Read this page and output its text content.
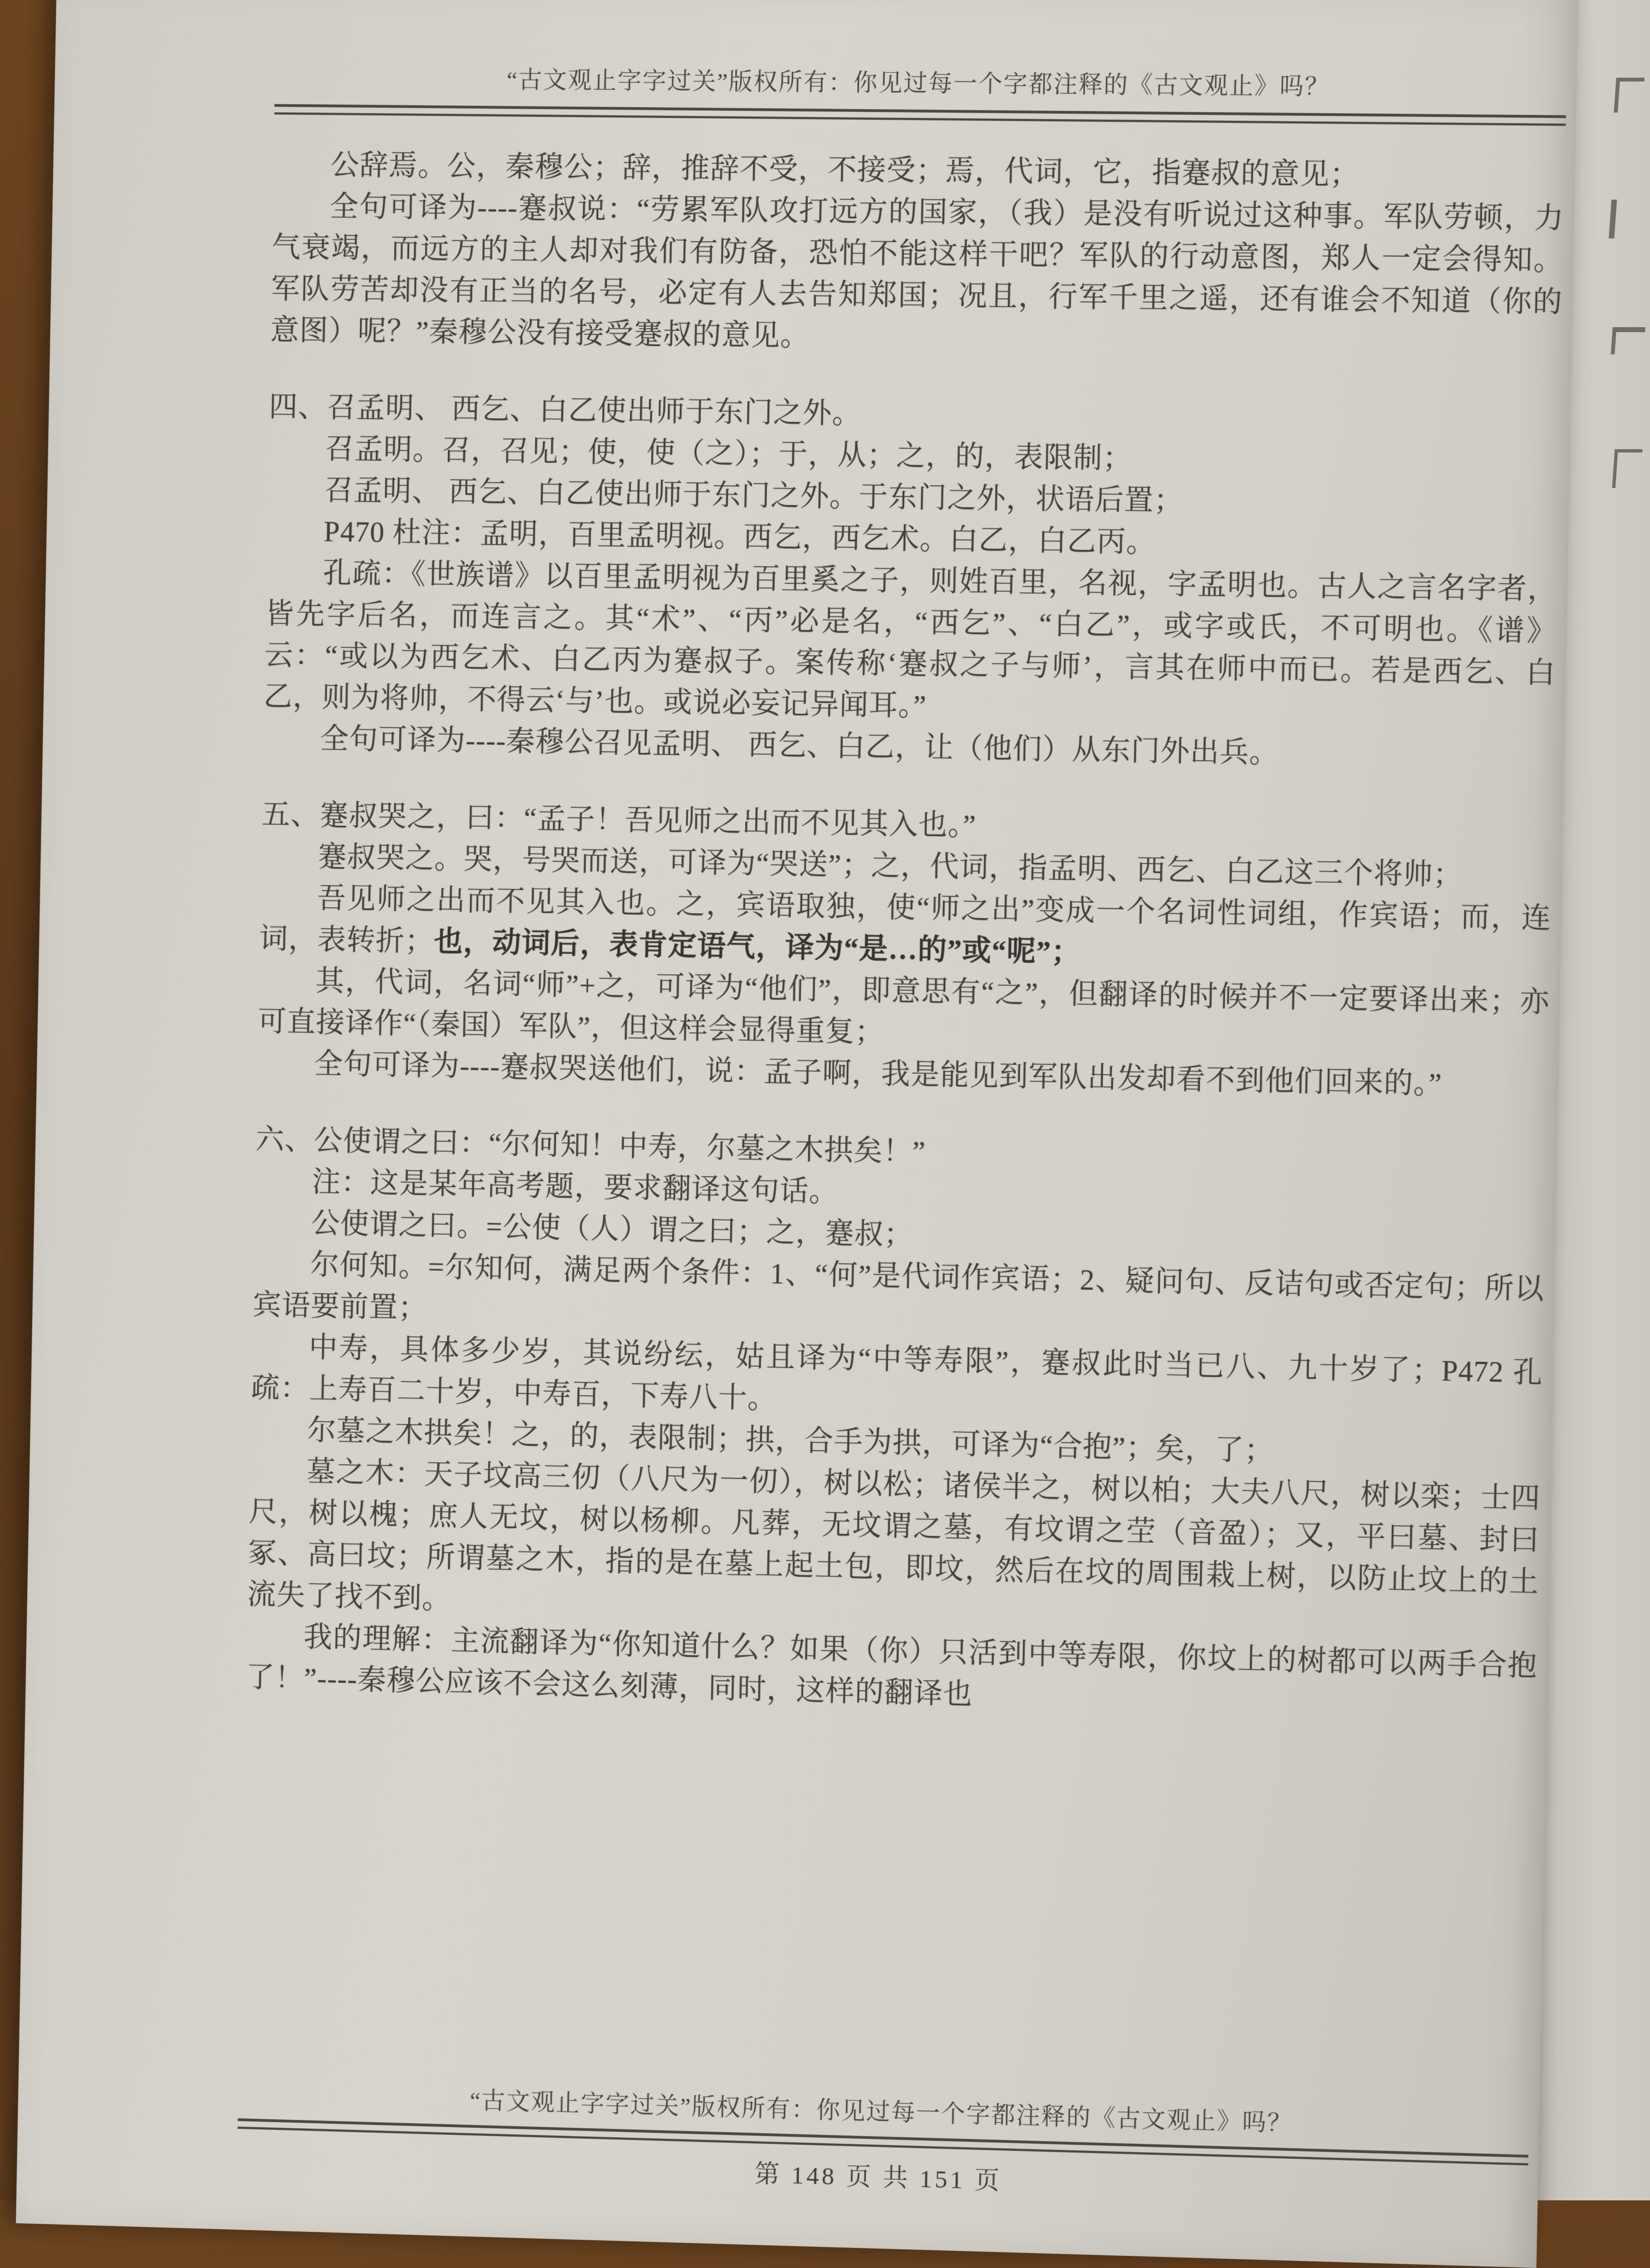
“古文观止字字过关”版权所有：你见过每一个字都注释的《古文观止》吗？
公辞焉。公，秦穆公；辞，推辞不受，不接受；焉，代词，它，指蹇叔的意见；
全句可译为----蹇叔说：“劳累军队攻打远方的国家，（我）是没有听说过这种事。军队劳顿，力气衰竭，而远方的主人却对我们有防备，恐怕不能这样干吧？军队的行动意图，郑人一定会得知。军队劳苦却没有正当的名号，必定有人去告知郑国；况且，行军千里之遥，还有谁会不知道（你的意图）呢？”秦穆公没有接受蹇叔的意见。
四、召孟明、 西乞、白乙使出师于东门之外。
召孟明。召，召见；使，使（之）；于，从；之，的，表限制；
召孟明、 西乞、白乙使出师于东门之外。于东门之外，状语后置；
P470 杜注：孟明，百里孟明视。西乞，西乞术。白乙，白乙丙。
孔疏：《世族谱》以百里孟明视为百里奚之子，则姓百里，名视，字孟明也。古人之言名字者，皆先字后名，而连言之。其“术”、“丙”必是名，“西乞”、“白乙”，或字或氏，不可明也。《谱》云：“或以为西乞术、白乙丙为蹇叔子。案传称‘蹇叔之子与师’，言其在师中而已。若是西乞、白乙，则为将帅，不得云‘与’也。或说必妄记异闻耳。”
全句可译为----秦穆公召见孟明、 西乞、白乙，让（他们）从东门外出兵。
五、蹇叔哭之，曰：“孟子！吾见师之出而不见其入也。”
蹇叔哭之。哭，号哭而送，可译为“哭送”；之，代词，指孟明、西乞、白乙这三个将帅；
吾见师之出而不见其入也。之，宾语取独，使“师之出”变成一个名词性词组，作宾语；而，连词，表转折；也，动词后，表肯定语气，译为“是…的”或“呢”；
其，代词，名词“师”+之，可译为“他们”，即意思有“之”，但翻译的时候并不一定要译出来；亦可直接译作“（秦国）军队”，但这样会显得重复；
全句可译为----蹇叔哭送他们，说：孟子啊，我是能见到军队出发却看不到他们回来的。”
六、公使谓之曰：“尔何知！中寿，尔墓之木拱矣！”
注：这是某年高考题，要求翻译这句话。
公使谓之曰。=公使（人）谓之曰；之，蹇叔；
尔何知。=尔知何，满足两个条件：1、“何”是代词作宾语；2、疑问句、反诘句或否定句；所以宾语要前置；
中寿，具体多少岁，其说纷纭，姑且译为“中等寿限”，蹇叔此时当已八、九十岁了；P472 孔疏：上寿百二十岁，中寿百，下寿八十。
尔墓之木拱矣！之，的，表限制；拱，合手为拱，可译为“合抱”；矣，了；
墓之木：天子坟高三仞（八尺为一仞），树以松；诸侯半之，树以柏；大夫八尺，树以栾；士四尺，树以槐；庶人无坟，树以杨柳。凡葬，无坟谓之墓，有坟谓之茔（音盈）；又，平曰墓、封曰冢、高曰坟；所谓墓之木，指的是在墓上起土包，即坟，然后在坟的周围栽上树，以防止坟上的土流失了找不到。
我的理解：主流翻译为“你知道什么？如果（你）只活到中等寿限，你坟上的树都可以两手合抱了！”----秦穆公应该不会这么刻薄，同时，这样的翻译也
“古文观止字字过关”版权所有：你见过每一个字都注释的《古文观止》吗？
第 148 页 共 151 页
